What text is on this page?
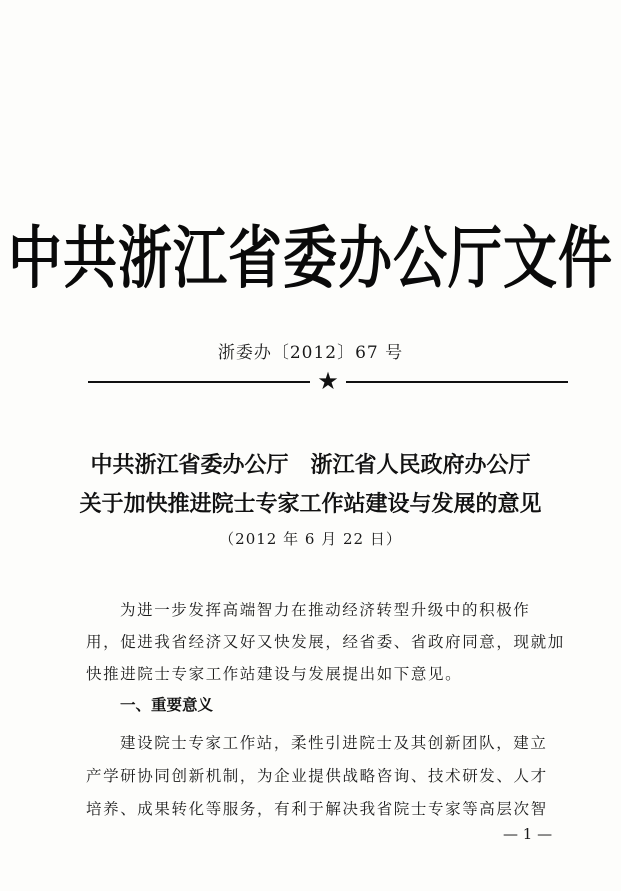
中共浙江省委办公厅文件
浙委办〔2012〕67 号
★
中共浙江省委办公厅　浙江省人民政府办公厅
关于加快推进院士专家工作站建设与发展的意见
（2012 年 6 月 22 日）
为进一步发挥高端智力在推动经济转型升级中的积极作
用，促进我省经济又好又快发展，经省委、省政府同意，现就加
快推进院士专家工作站建设与发展提出如下意见。
一、重要意义
建设院士专家工作站，柔性引进院士及其创新团队，建立
产学研协同创新机制，为企业提供战略咨询、技术研发、人才
培养、成果转化等服务，有利于解决我省院士专家等高层次智
— 1 —
